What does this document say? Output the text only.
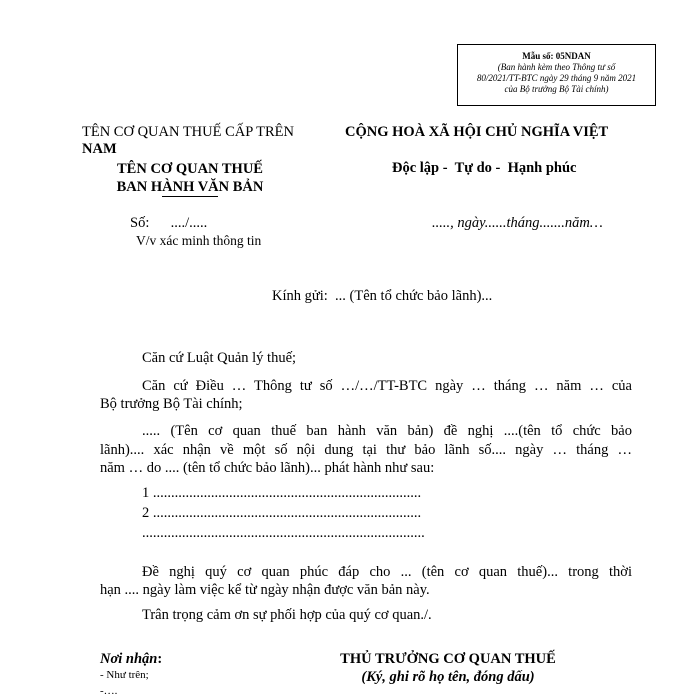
Mẫu số: 05NDAN
(Ban hành kèm theo Thông tư số
80/2021/TT-BTC ngày 29 tháng 9 năm 2021
của Bộ trưởng Bộ Tài chính)
TÊN CƠ QUAN THUẾ CẤP TRÊN
NAM
TÊN CƠ QUAN THUẾ
BAN HÀNH VĂN BẢN
Số: ..../.....
V/v xác minh thông tin
CỘNG HOÀ XÃ HỘI CHỦ NGHĨA VIỆT
Độc lập -  Tự do -  Hạnh phúc
....., ngày......tháng.......năm…
Kính gửi:  ... (Tên tổ chức bảo lãnh)...
Căn cứ Luật Quản lý thuế;
Căn cứ Điều … Thông tư số …/…/TT-BTC ngày … tháng … năm … của
Bộ trưởng Bộ Tài chính;
..... (Tên cơ quan thuế ban hành văn bản) đề nghị ....(tên tổ chức bảo
lãnh).... xác nhận về một số nội dung tại thư bảo lãnh số.... ngày … tháng …
năm … do .... (tên tổ chức bảo lãnh)... phát hành như sau:
1 ..........................................................................
2 ..........................................................................
..............................................................................
Đề nghị quý cơ quan phúc đáp cho ... (tên cơ quan thuế)... trong thời
hạn .... ngày làm việc kể từ ngày nhận được văn bản này.
Trân trọng cảm ơn sự phối hợp của quý cơ quan./.
Nơi nhận:
- Như trên;
-….
THỦ TRƯỞNG CƠ QUAN THUẾ
(Ký, ghi rõ họ tên, đóng dấu)
